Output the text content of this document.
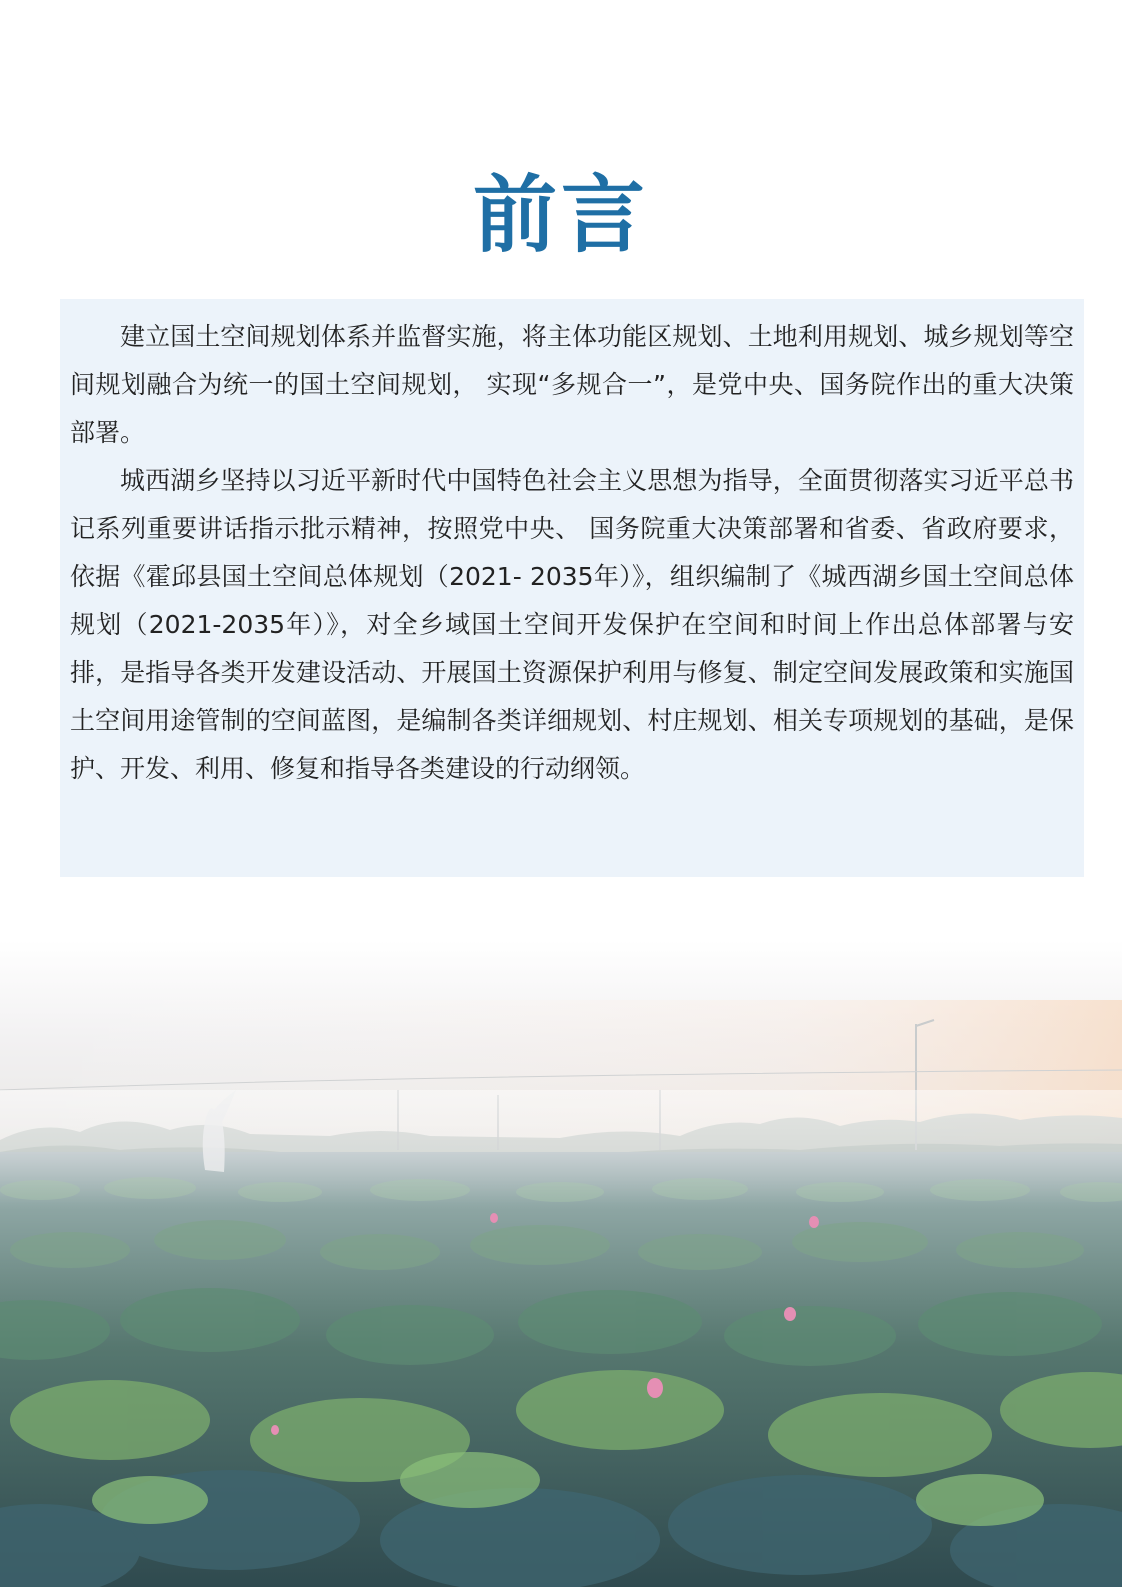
前言

建立国土空间规划体系并监督实施，将主体功能区规划、土地利用规划、城乡规划等空间规划融合为统一的国土空间规划， 实现“多规合一”，是党中央、国务院作出的重大决策部署。

城西湖乡坚持以习近平新时代中国特色社会主义思想为指导，全面贯彻落实习近平总书记系列重要讲话指示批示精神，按照党中央、 国务院重大决策部署和省委、省政府要求，依据《霍邱县国土空间总体规划（2021- 2035年）》，组织编制了《城西湖乡国土空间总体规划（2021-2035年）》，对全乡域国土空间开发保护在空间和时间上作出总体部署与安排，是指导各类开发建设活动、开展国土资源保护利用与修复、制定空间发展政策和实施国土空间用途管制的空间蓝图，是编制各类详细规划、村庄规划、相关专项规划的基础，是保护、开发、利用、修复和指导各类建设的行动纲领。
